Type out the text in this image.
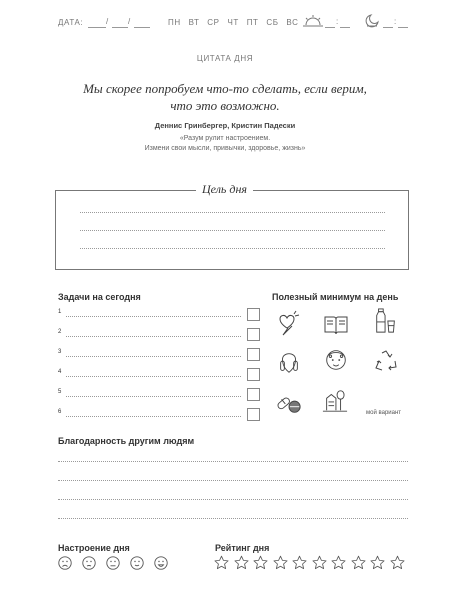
ДАТА:	/ /	ПН ВТ СР ЧТ ПТ СБ ВС	:	:
ЦИТАТА ДНЯ
Мы скорее попробуем что-то сделать, если верим,
что это возможно.
Деннис Гринбергер, Кристин Падески
«Разум рулит настроением.
Измени свои мысли, привычки, здоровье, жизнь»
Цель дня
Задачи на сегодня
1
2
3
4
5
6
Полезный минимум на день
мой вариант
Благодарность другим людям
Настроение дня	Рейтинг дня
